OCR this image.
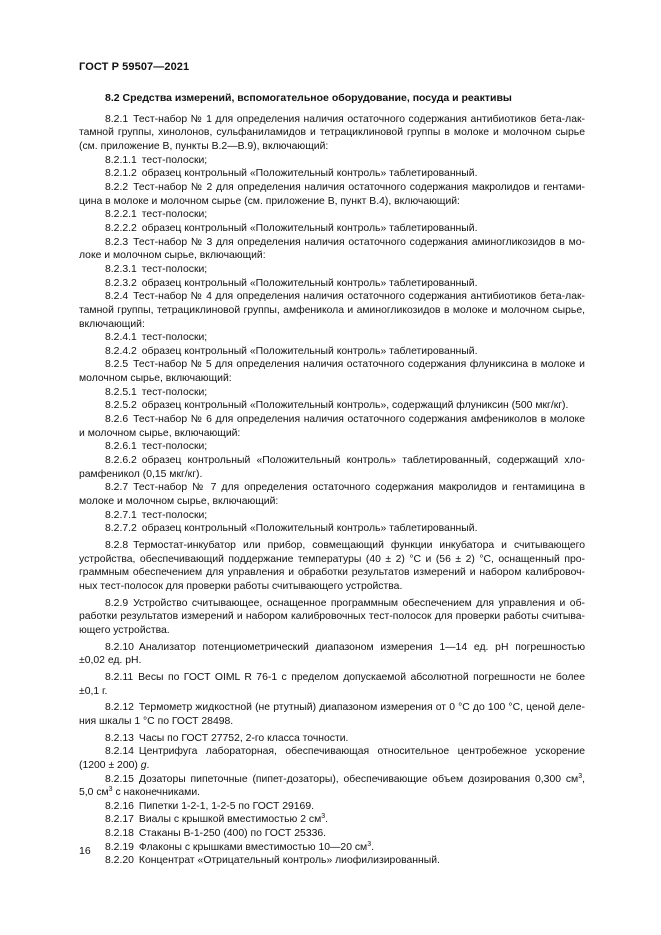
ГОСТ Р 59507—2021
8.2 Средства измерений, вспомогательное оборудование, посуда и реактивы

8.2.1 Тест-набор № 1 для определения наличия остаточного содержания антибиотиков бета-лактамной группы, хинолонов, сульфаниламидов и тетрациклиновой группы в молоке и молочном сырье (см. приложение В, пункты В.2—В.9), включающий:

8.2.1.1 тест-полоски;

8.2.1.2 образец контрольный «Положительный контроль» таблетированный.

8.2.2 Тест-набор № 2 для определения наличия остаточного содержания макролидов и гентамицина в молоке и молочном сырье (см. приложение В, пункт В.4), включающий:

8.2.2.1 тест-полоски;

8.2.2.2 образец контрольный «Положительный контроль» таблетированный.

8.2.3 Тест-набор № 3 для определения наличия остаточного содержания аминогликозидов в молоке и молочном сырье, включающий:

8.2.3.1 тест-полоски;

8.2.3.2 образец контрольный «Положительный контроль» таблетированный.

8.2.4 Тест-набор № 4 для определения наличия остаточного содержания антибиотиков бета-лактамной группы, тетрациклиновой группы, амфеникола и аминогликозидов в молоке и молочном сырье, включающий:

8.2.4.1 тест-полоски;

8.2.4.2 образец контрольный «Положительный контроль» таблетированный.

8.2.5 Тест-набор № 5 для определения наличия остаточного содержания флуниксина в молоке и молочном сырье, включающий:

8.2.5.1 тест-полоски;

8.2.5.2 образец контрольный «Положительный контроль», содержащий флуниксин (500 мкг/кг).

8.2.6 Тест-набор № 6 для определения наличия остаточного содержания амфениколов в молоке и молочном сырье, включающий:

8.2.6.1 тест-полоски;

8.2.6.2 образец контрольный «Положительный контроль» таблетированный, содержащий хлорамфеникол (0,15 мкг/кг).

8.2.7 Тест-набор № 7 для определения остаточного содержания макролидов и гентамицина в молоке и молочном сырье, включающий:

8.2.7.1 тест-полоски;

8.2.7.2 образец контрольный «Положительный контроль» таблетированный.

8.2.8 Термостат-инкубатор или прибор, совмещающий функции инкубатора и считывающего устройства, обеспечивающий поддержание температуры (40 ± 2) °С и (56 ± 2) °С, оснащенный программным обеспечением для управления и обработки результатов измерений и набором калибровочных тест-полосок для проверки работы считывающего устройства.

8.2.9 Устройство считывающее, оснащенное программным обеспечением для управления и обработки результатов измерений и набором калибровочных тест-полосок для проверки работы считывающего устройства.

8.2.10 Анализатор потенциометрический диапазоном измерения 1—14 ед. рН погрешностью ±0,02 ед. рН.

8.2.11 Весы по ГОСТ OIML R 76-1 с пределом допускаемой абсолютной погрешности не более ±0,1 г.

8.2.12 Термометр жидкостной (не ртутный) диапазоном измерения от 0 °С до 100 °С, ценой деления шкалы 1 °С по ГОСТ 28498.

8.2.13 Часы по ГОСТ 27752, 2-го класса точности.

8.2.14 Центрифуга лабораторная, обеспечивающая относительное центробежное ускорение (1200 ± 200) g.

8.2.15 Дозаторы пипеточные (пипет-дозаторы), обеспечивающие объем дозирования 0,300 $см^3$, 5,0 $см^3$ с наконечниками.

8.2.16 Пипетки 1-2-1, 1-2-5 по ГОСТ 29169.

8.2.17 Виалы с крышкой вместимостью 2 $см^3$.

8.2.18 Стаканы В-1-250 (400) по ГОСТ 25336.

8.2.19 Флаконы с крышками вместимостью 10—20 $см^3$.

8.2.20 Концентрат «Отрицательный контроль» лиофилизированный.

16
